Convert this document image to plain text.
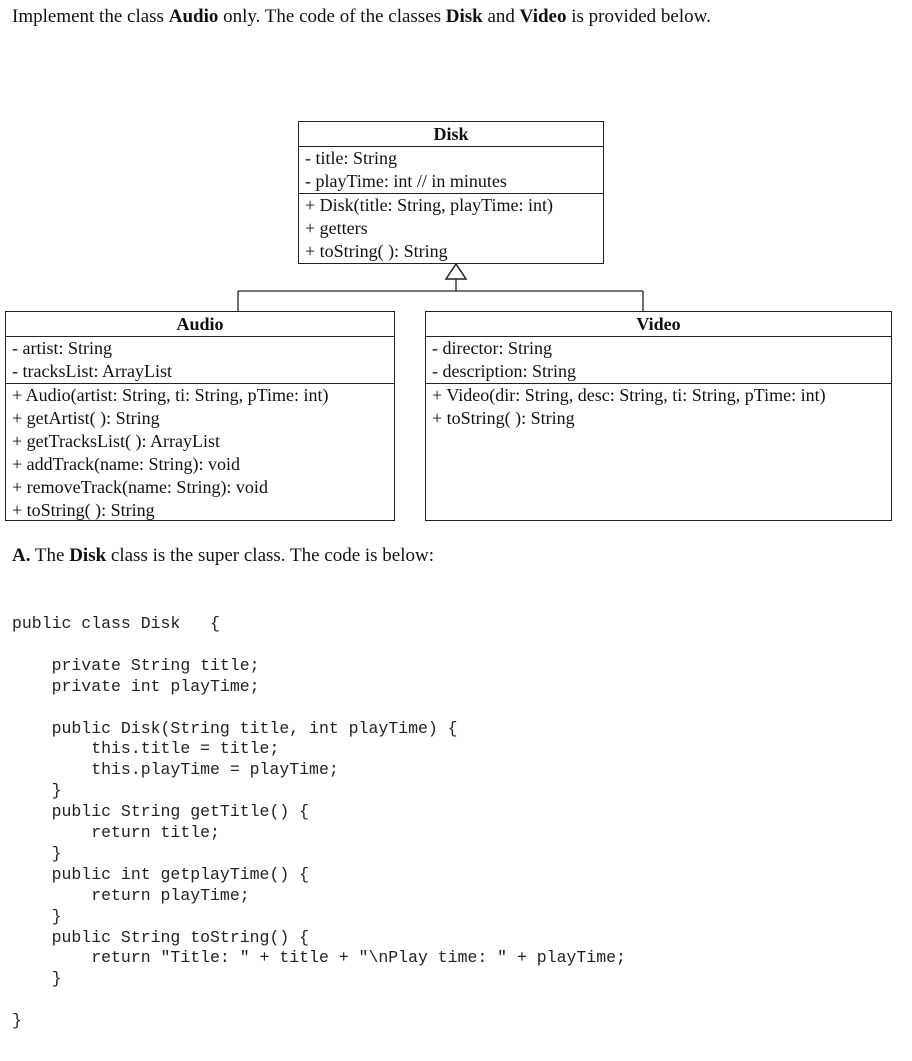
Implement the class Audio only. The code of the classes Disk and Video is provided below.
Disk
- title: String
- playTime: int // in minutes
+ Disk(title: String, playTime: int)
+ getters
+ toString( ): String
Audio
- artist: String
- tracksList: ArrayList
+ Audio(artist: String, ti: String, pTime: int)
+ getArtist( ): String
+ getTracksList( ): ArrayList
+ addTrack(name: String): void
+ removeTrack(name: String): void
+ toString( ): String
Video
- director: String
- description: String
+ Video(dir: String, desc: String, ti: String, pTime: int)
+ toString( ): String
A. The Disk class is the super class. The code is below:
public class Disk   {
private String title;
private int playTime;
public Disk(String title, int playTime) {
this.title = title;
this.playTime = playTime;
}
public String getTitle() {
return title;
}
public int getplayTime() {
return playTime;
}
public String toString() {
return "Title: " + title + "\nPlay time: " + playTime;
}
}
